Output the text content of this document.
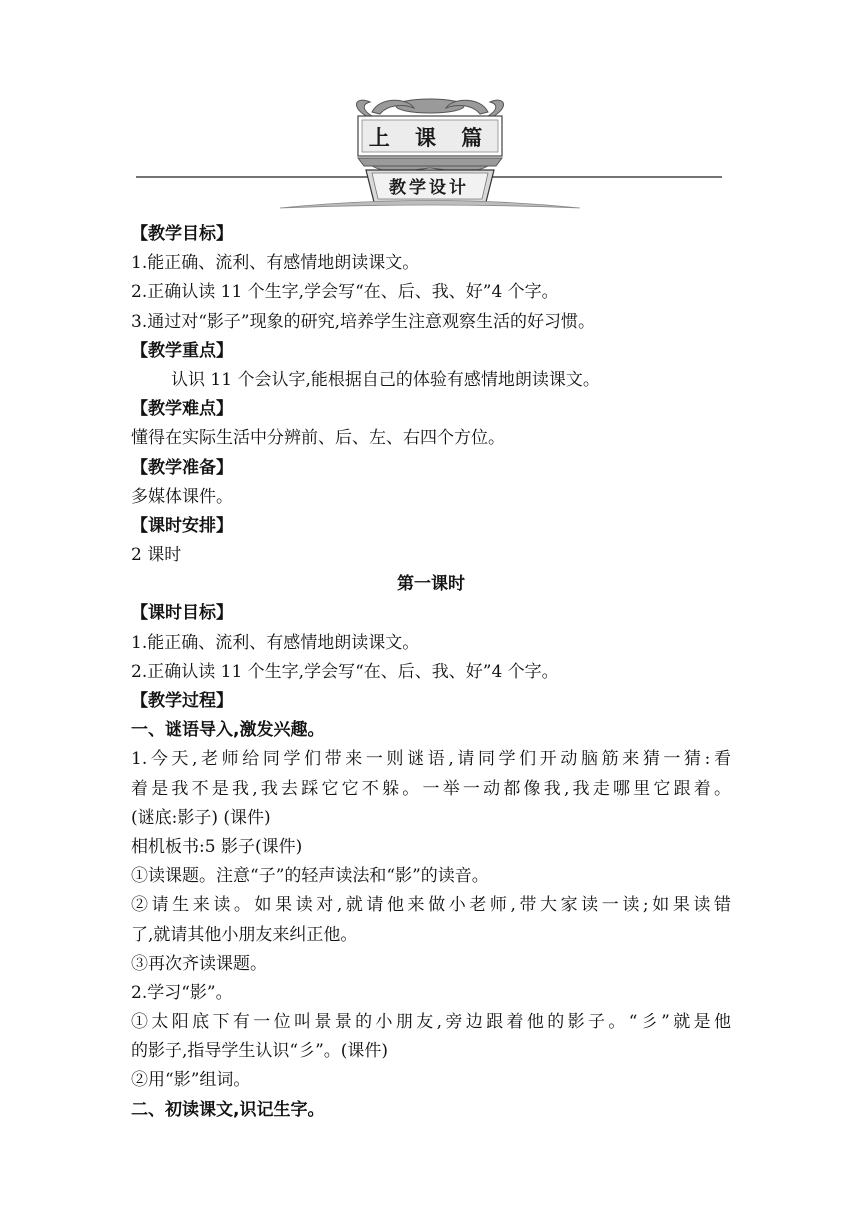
上 课 篇
教学设计
【教学目标】
1.能正确、流利、有感情地朗读课文。
2.正确认读 11 个生字,学会写“在、后、我、好”4 个字。
3.通过对“影子”现象的研究,培养学生注意观察生活的好习惯。
【教学重点】
认识 11 个会认字,能根据自己的体验有感情地朗读课文。
【教学难点】
懂得在实际生活中分辨前、后、左、右四个方位。
【教学准备】
多媒体课件。
【课时安排】
2 课时
第一课时
【课时目标】
1.能正确、流利、有感情地朗读课文。
2.正确认读 11 个生字,学会写“在、后、我、好”4 个字。
【教学过程】
一、谜语导入,激发兴趣。
1.今天,老师给同学们带来一则谜语,请同学们开动脑筋来猜一猜:看
着是我不是我,我去踩它它不躲。一举一动都像我,我走哪里它跟着。
(谜底:影子) (课件)
相机板书:5 影子(课件)
①读课题。注意“子”的轻声读法和“影”的读音。
②请生来读。如果读对,就请他来做小老师,带大家读一读;如果读错
了,就请其他小朋友来纠正他。
③再次齐读课题。
2.学习“影”。
①太阳底下有一位叫景景的小朋友,旁边跟着他的影子。“彡”就是他
的影子,指导学生认识“彡”。(课件)
②用“影”组词。
二、初读课文,识记生字。
